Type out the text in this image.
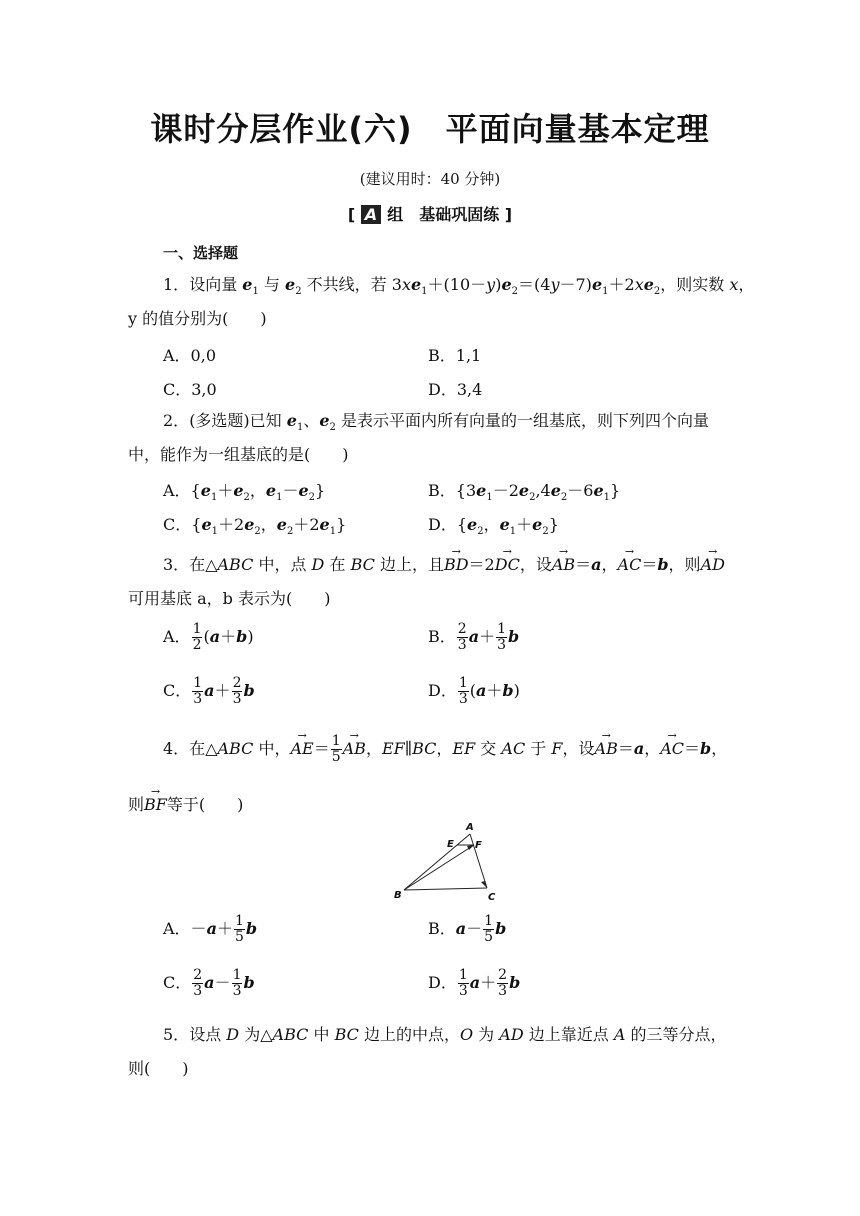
课时分层作业(六)　平面向量基本定理
(建议用时：40 分钟)
[ A 组　基础巩固练 ]
一、选择题
1．设向量 $e_1$ 与 $e_2$ 不共线，若 $3xe_1+(10-y)e_2=(4y-7)e_1+2xe_2$，则实数 x，
y 的值分别为(　　)
A．0,0	B．1,1
C．3,0	D．3,4
2．(多选题)已知 $e_1$、$e_2$ 是表示平面内所有向量的一组基底，则下列四个向量
中，能作为一组基底的是(　　)
A．{$e_1+e_2$，$e_1-e_2$}	B．$\{3e_1-2e_2,4e_2-6e_1\}$
C．{$e_1+2e_2$，$e_2+2e_1$}	D．{$e_2$，$e_1+e_2$}
3．在△ABC 中，点 D 在 BC 边上，且→ BD＝2→ DC，设→ AB＝a，→ AC＝b，则→ AD
可用基底 a，b 表示为(　　)
A． $\frac{1}{2} (a+b)$	B． $\frac{2}{3} a+ \frac{1}{3}$ b
C． $\frac{1}{3} a+ \frac{2}{3}$ b	D． $\frac{1}{3} (a+b)$
4．在△ABC 中，→ $AE= \frac{1}{5}$
→ AB，EF∥BC，EF 交 AC 于 F，设→ AB＝a，→ AC＝b，
则→ BF等于(　　)
A
E F
B	C
A．$-a+ \frac{1}{5}$ b	B．$a- \frac{1}{5}$ b
C． $\frac{2}{3} a- \frac{1}{3}$ b	D． $\frac{1}{3} a+ \frac{2}{3}$ b
5．设点 D 为△ABC 中 BC 边上的中点，O 为 AD 边上靠近点 A 的三等分点，
则(　　)
